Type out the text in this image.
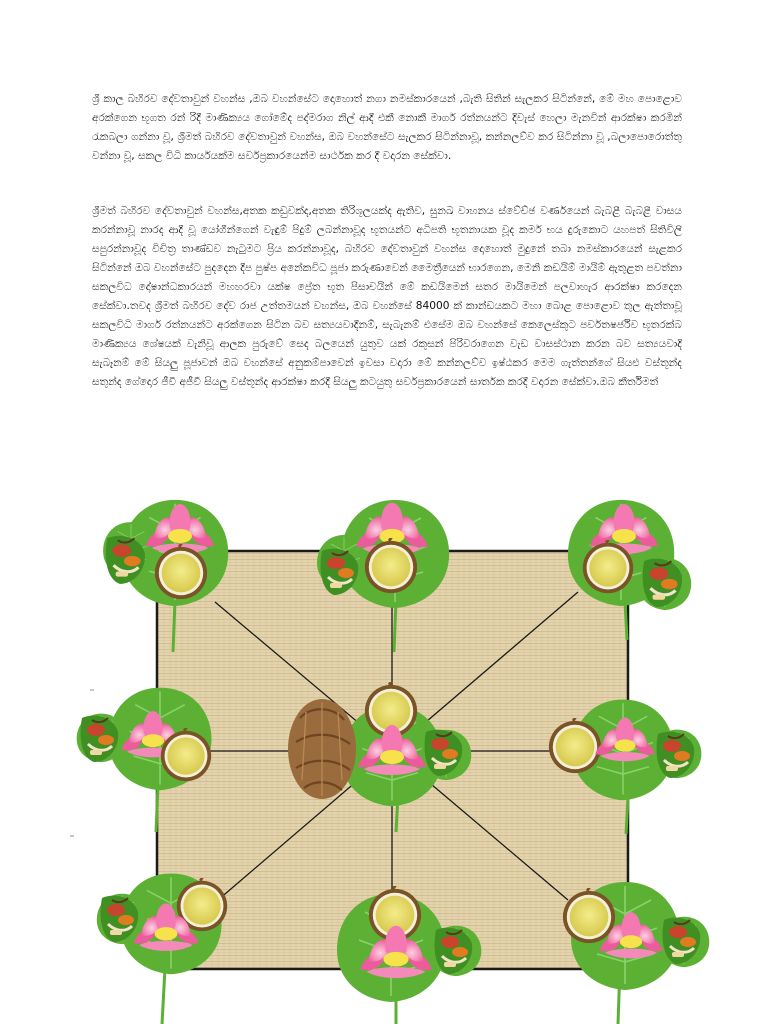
ශ්‍රී කාල බහිරව දේවතාවුන් වහන්ස ,ඔබ වහන්සේට දොහොත් නගා නමස්කාරයෙන් ,බැති සිතින් සැලකර සිටින්නේ, මේ මහ පොළොව අරක්ගෙන භූගත රන් රිදී මාණික්‍යය ගෝමේද පද්මරාග නිල් ආදී එකී නොකී මාර්ග රත්නයන්ට දිවැස් හෙලා මැනවින් ආරක්ෂා කරමින් රැකබලා ගන්නා වූ, ශ්‍රීමත් බහිරව දේවතාවුන් වහන්ස, ඔබ වහන්සේට සැලකර සිටින්නාවූ, කන්නලව්ව කර සිටින්නා වූ ,බලාපොරොත්තු වන්නා වූ, සකල විධි කාර්යයක්ම සර්වප්‍රකාරයෙන්ම සාර්ථක කර දී වදාරන සේක්වා.

ශ්‍රීමත් බහිරව දේවතාවුන් වහන්ස,අතක කඩුවක්ද,අතක තිරිශූලයක්ද ඇතිව, සුනඛ වාහනය ස්වේච්ඡ වර්ණයෙන් බැබළී බැබළී වාසය කරන්නාවූ නාරද ආදී වූ යෝගීන්ගෙන් වැඳුම් පිදුම් ලබන්නාවූද භූතයන්ට අධිපති භූතනායක වූද කර්ම භය දුරුකොට යහපත් සිතිවිලි සපුරන්නාවූද විචිත්‍ර තාණ්ඩව නැටුමට ප්‍රිය කරන්නාවූද, බහිරව දේවතාවුන් වහන්ස දොහොත් මුදුනේ තබා නමස්කාරයෙන් සැළකර සිටින්නේ ඔබ වහන්සේට පුදදෙන දීප පුෂ්ප අනේකවිධ පූජා කරුණාවෙන් මෛත්‍රීයෙන් භාරගෙන, මෙනි කඩයිම් මායිම් ඇතුළත පවත්නා සකලවිධ දෝෂාන්ධකාරයන් මහහරවා යක්ෂ ප්‍රේත භූත පිසාචයින් මේ කඩයිමෙන් සතර මායිමෙන් පලවාහැර ආරක්ෂා කරදෙන සේක්වා.තවද ශ්‍රීමත් බහිරව දේව රාජ උත්තමයන් වහන්ස, ඔබ වහන්සේ 84000 ක් කාන්ඩයකට මහා බොළ පොළොව තුල ඇත්තාවූ සකලවිධි මාර්ග රත්නයන්ට අරක්ගෙන සිටින බව සත්‍යයවාදීනම්, සැබැනම් එසේම ඔබ වහන්සේ කෙලෙස්කුට පර්වතෂර්ජිව භූතරක්බ මාණික්‍යය ශේෂයක් වැනිවූ ආලක පුරුවේ සෙද බලයෙන් යුතුව යක් රකුසන් පිරිවරාගෙන වැඩ වාසස්ථාන කරන බව සත්‍යයවාදි සැබෑනම් මේ සියලු පූජාවන් ඔබ වහන්සේ අනුකම්පාවෙන් ඉවසා වදාරා මේ කන්නලව්ව ඉෂ්ඨකර මෙම ගැත්තන්ගේ සියළු වස්තූන්ද සතුන්ද ගේදොර ජීවී අජීවී සියලු වස්තූන්ද ආරක්ෂා කරදී සියලු කටයුතු සර්වප්‍රකාරයෙන් සාර්තක කරදී වදාරන සේක්වා.ඔබ කීර්තිමත්
